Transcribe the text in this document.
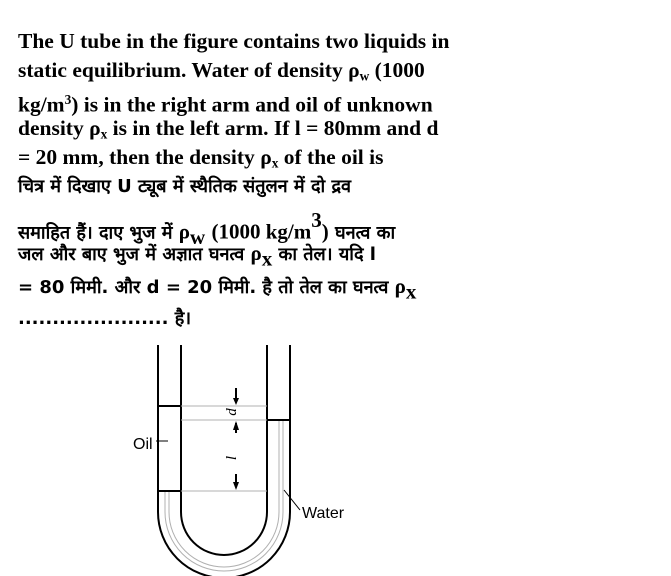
The U tube in the figure contains two liquids in
static equilibrium. Water of density $\rho_w$ (1000
$kg/m^3$) is in the right arm and oil of unknown
density $\rho_x$ is in the left arm. If l = 80mm and d
= 20 mm, then the density $\rho_x$ of the oil is
चित्र में दिखाए U ट्यूब में स्थैतिक संतुलन में दो द्रव
समाहित हैं। दाए भुज में ρw (1000 kg/m3) घनत्व का
जल और बाए भुज में अज्ञात घनत्व ρx का तेल। यदि l
= 80 मिमी. और d = 20 मिमी. है तो तेल का घनत्व ρx
...................... है।
Oil
Water
d
l
